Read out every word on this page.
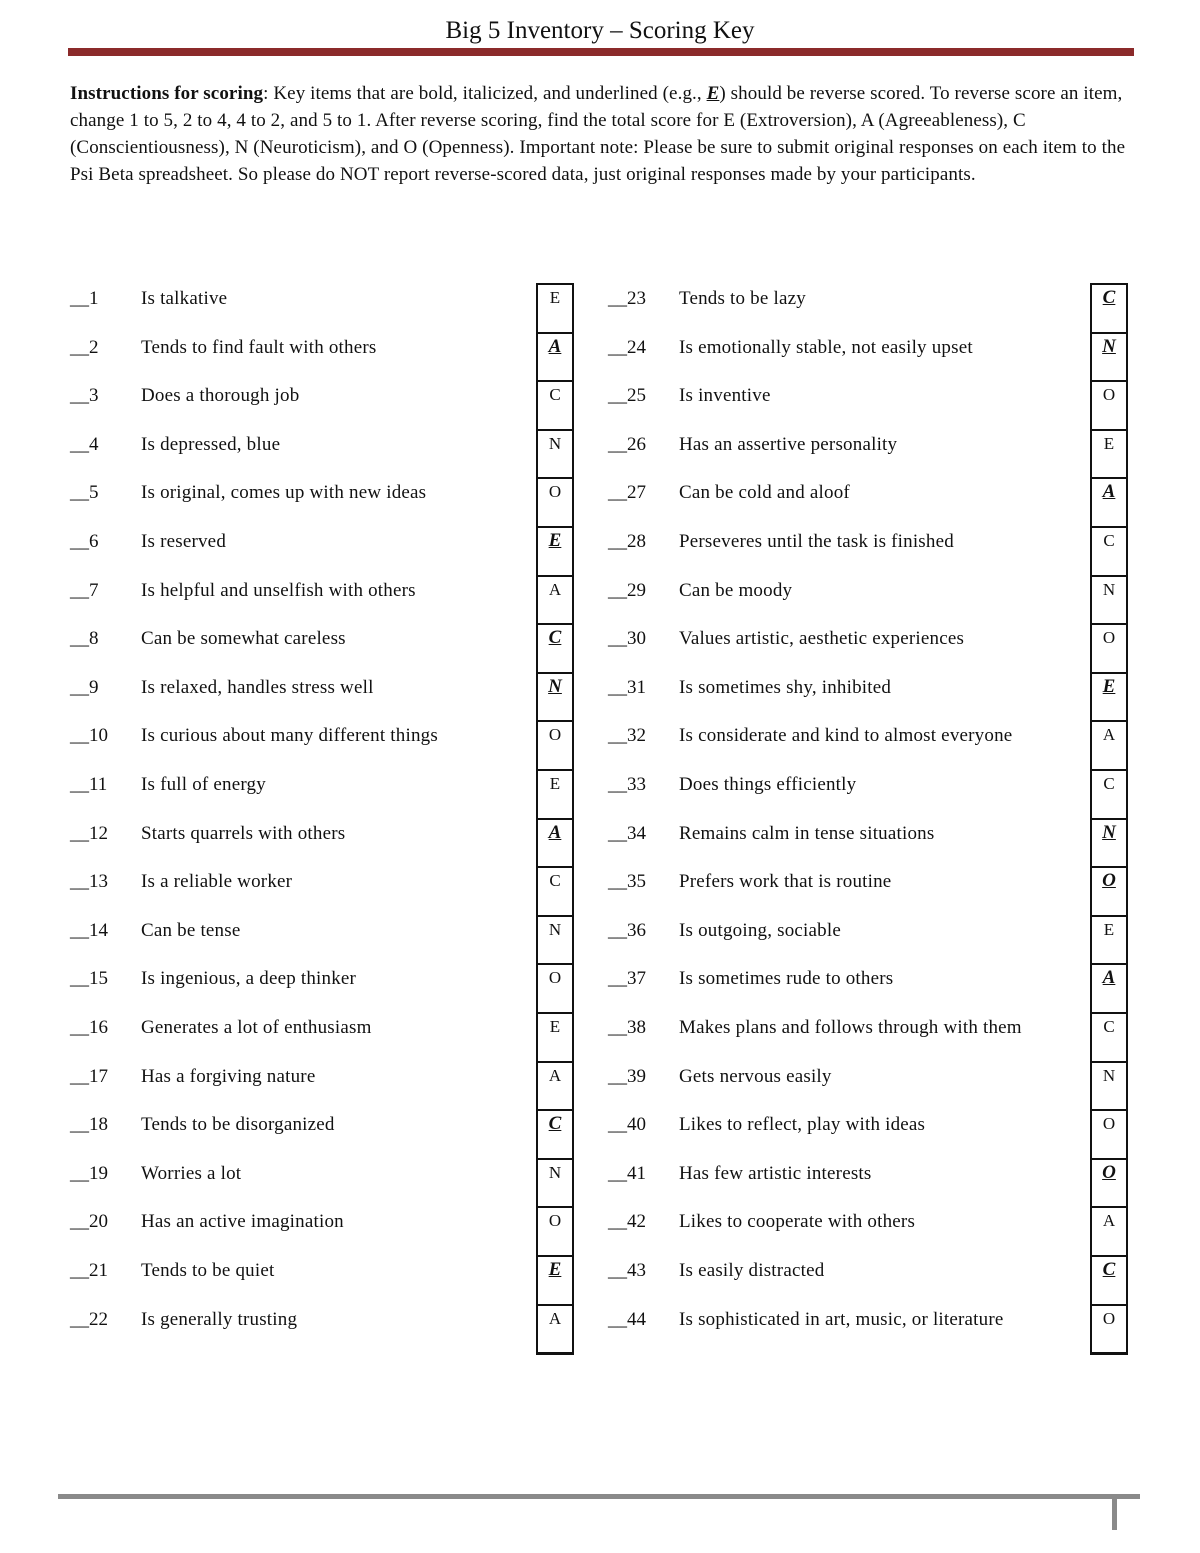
Big 5 Inventory – Scoring Key

Instructions for scoring: Key items that are bold, italicized, and underlined (e.g., E) should be reverse scored. To reverse score an item, change 1 to 5, 2 to 4, 4 to 2, and 5 to 1. After reverse scoring, find the total score for E (Extroversion), A (Agreeableness), C (Conscientiousness), N (Neuroticism), and O (Openness). Important note: Please be sure to submit original responses on each item to the Psi Beta spreadsheet. So please do NOT report reverse-scored data, just original responses made by your participants.

E
A
C
N
O
E
A
C
N
O
E
A
C
N
O
E
A
C
N
O
E
A
__1 Is talkative
__2 Tends to find fault with others
__3 Does a thorough job
__4 Is depressed, blue
__5 Is original, comes up with new ideas
__6 Is reserved
__7 Is helpful and unselfish with others
__8 Can be somewhat careless
__9 Is relaxed, handles stress well
__10 Is curious about many different things
__11 Is full of energy
__12 Starts quarrels with others
__13 Is a reliable worker
__14 Can be tense
__15 Is ingenious, a deep thinker
__16 Generates a lot of enthusiasm
__17 Has a forgiving nature
__18 Tends to be disorganized
__19 Worries a lot
__20 Has an active imagination
__21 Tends to be quiet
__22 Is generally trusting
C
N
O
E
A
C
N
O
E
A
C
N
O
E
A
C
N
O
O
A
C
O
__23 Tends to be lazy
__24 Is emotionally stable, not easily upset
__25 Is inventive
__26 Has an assertive personality
__27 Can be cold and aloof
__28 Perseveres until the task is finished
__29 Can be moody
__30 Values artistic, aesthetic experiences
__31 Is sometimes shy, inhibited
__32 Is considerate and kind to almost everyone
__33 Does things efficiently
__34 Remains calm in tense situations
__35 Prefers work that is routine
__36 Is outgoing, sociable
__37 Is sometimes rude to others
__38 Makes plans and follows through with them
__39 Gets nervous easily
__40 Likes to reflect, play with ideas
__41 Has few artistic interests
__42 Likes to cooperate with others
__43 Is easily distracted
__44 Is sophisticated in art, music, or literature
